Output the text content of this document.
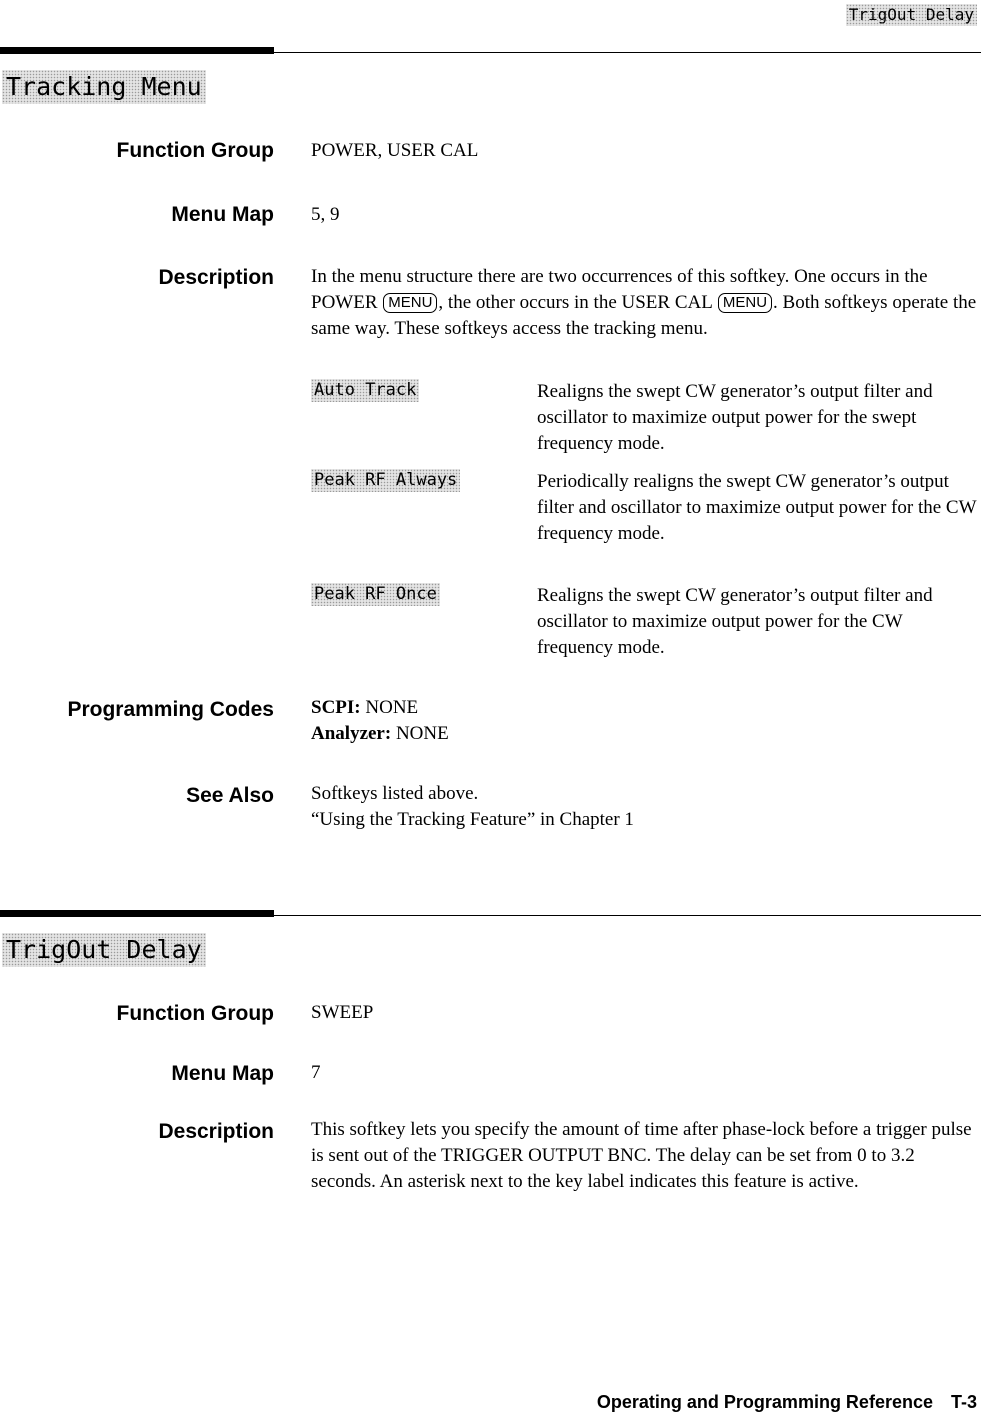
TrigOut Delay
Tracking Menu
Function Group POWER, USER CAL
Menu Map 5, 9
Description In the menu structure there are two occurrences of this softkey. One occurs in the POWER MENU , the other occurs in the USER CAL MENU . Both softkeys operate the same way. These softkeys access the tracking menu.
Auto Track	Realigns the swept CW generator’s output filter and oscillator to maximize output power for the swept frequency mode.
Peak RF Always	Periodically realigns the swept CW generator’s output filter and oscillator to maximize output power for the CW frequency mode.
Peak RF Once	Realigns the swept CW generator’s output filter and oscillator to maximize output power for the CW frequency mode.
Programming Codes SCPI: NONE
Analyzer: NONE
See Also Softkeys listed above.
“Using the Tracking Feature” in Chapter 1
TrigOut Delay
Function Group SWEEP
Menu Map 7
Description This softkey lets you specify the amount of time after phase-lock before a trigger pulse is sent out of the TRIGGER OUTPUT BNC. The delay can be set from 0 to 3.2 seconds. An asterisk next to the key label indicates this feature is active.
Operating and Programming Reference T-3
